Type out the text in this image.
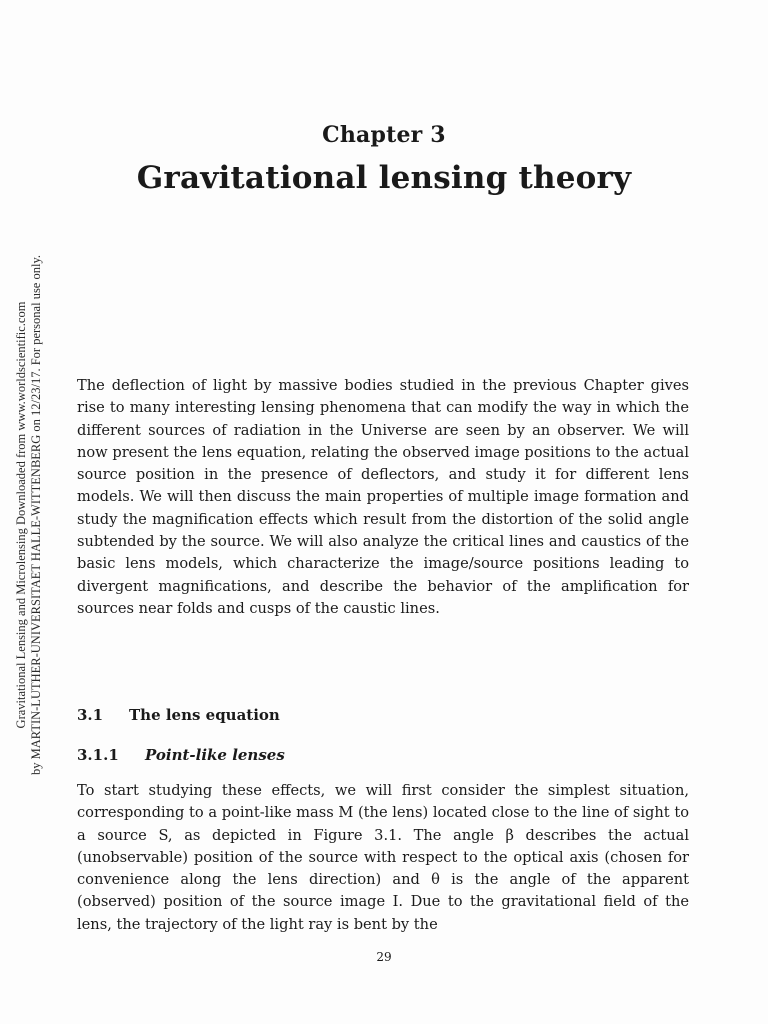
Gravitational Lensing and Microlensing Downloaded from www.worldscientific.com by MARTIN-LUTHER-UNIVERSITAET HALLE-WITTENBERG on 12/23/17. For personal use only.
Chapter 3
Gravitational lensing theory
The deflection of light by massive bodies studied in the previous Chapter gives rise to many interesting lensing phenomena that can modify the way in which the different sources of radiation in the Universe are seen by an observer. We will now present the lens equation, relating the observed image positions to the actual source position in the presence of deflectors, and study it for different lens models. We will then discuss the main properties of multiple image formation and study the magnification effects which result from the distortion of the solid angle subtended by the source. We will also analyze the critical lines and caustics of the basic lens models, which characterize the image/source positions leading to divergent magnifications, and describe the behavior of the amplification for sources near folds and cusps of the caustic lines.
3.1 The lens equation
3.1.1 Point-like lenses
To start studying these effects, we will first consider the simplest situation, corresponding to a point-like mass M (the lens) located close to the line of sight to a source S, as depicted in Figure 3.1. The angle β describes the actual (unobservable) position of the source with respect to the optical axis (chosen for convenience along the lens direction) and θ is the angle of the apparent (observed) position of the source image I. Due to the gravitational field of the lens, the trajectory of the light ray is bent by the
29
